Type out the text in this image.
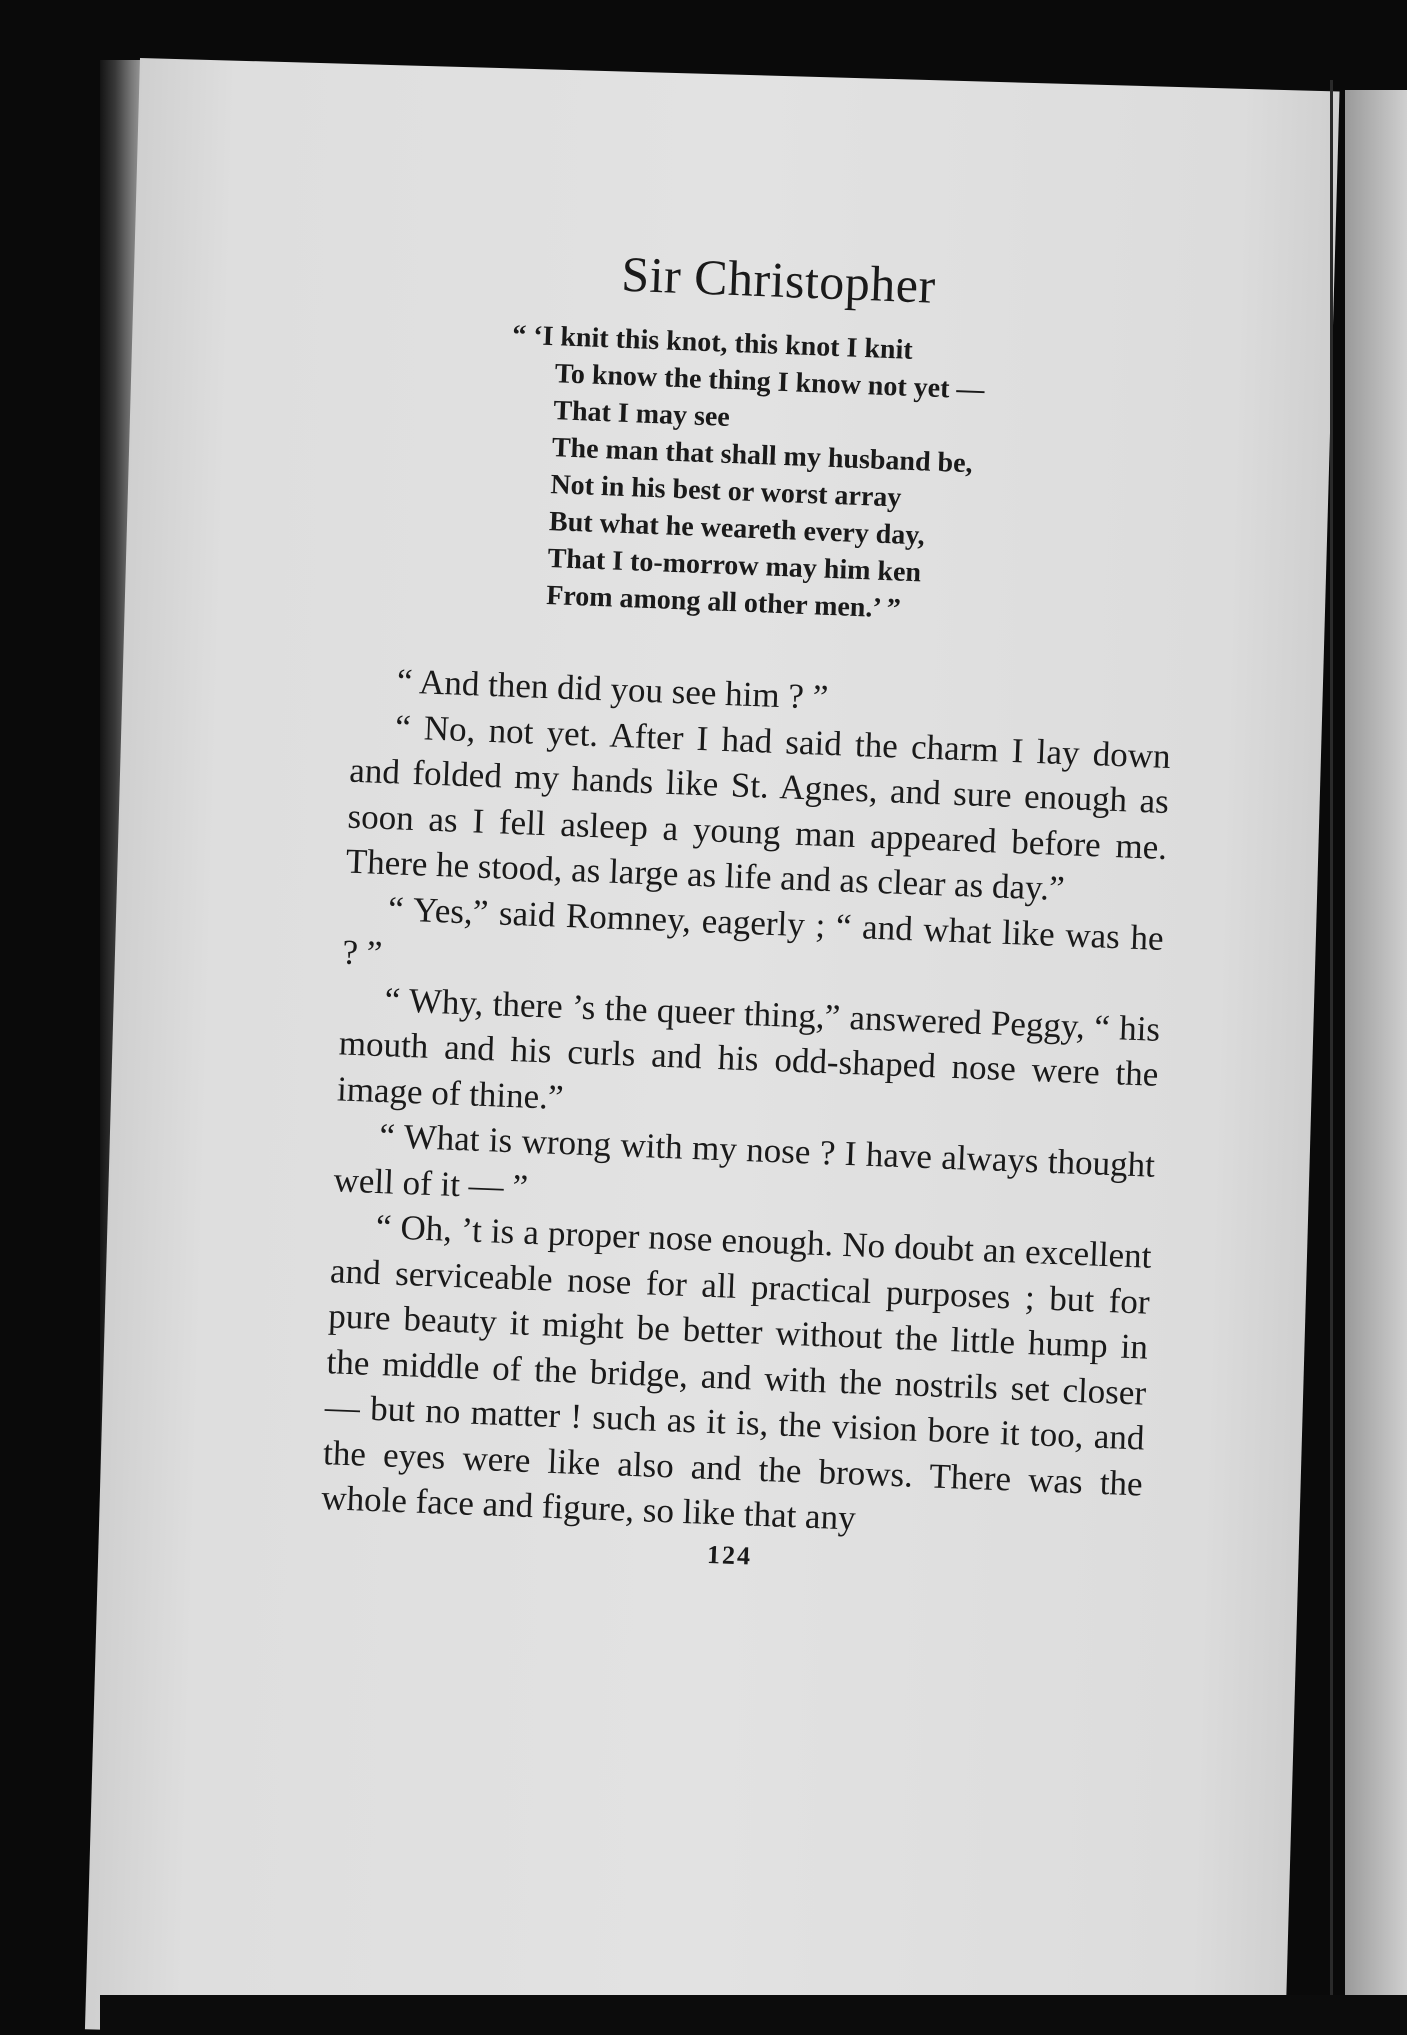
Sir Christopher
“ ‘I knit this knot, this knot I knit
To know the thing I know not yet —
That I may see
The man that shall my husband be,
Not in his best or worst array
But what he weareth every day,
That I to-morrow may him ken
From among all other men.’ ”

“ And then did you see him ? ”

“ No, not yet. After I had said the charm I lay down and folded my hands like St. Agnes, and sure enough as soon as I fell asleep a young man appeared before me. There he stood, as large as life and as clear as day.”

“ Yes,” said Romney, eagerly ; “ and what like was he ? ”

“ Why, there ’s the queer thing,” answered Peggy, “ his mouth and his curls and his odd-shaped nose were the image of thine.”

“ What is wrong with my nose ? I have always thought well of it — ”

“ Oh, ’t is a proper nose enough. No doubt an excellent and serviceable nose for all practical purposes ; but for pure beauty it might be better without the little hump in the middle of the bridge, and with the nostrils set closer — but no matter ! such as it is, the vision bore it too, and the eyes were like also and the brows. There was the whole face and figure, so like that any

124
